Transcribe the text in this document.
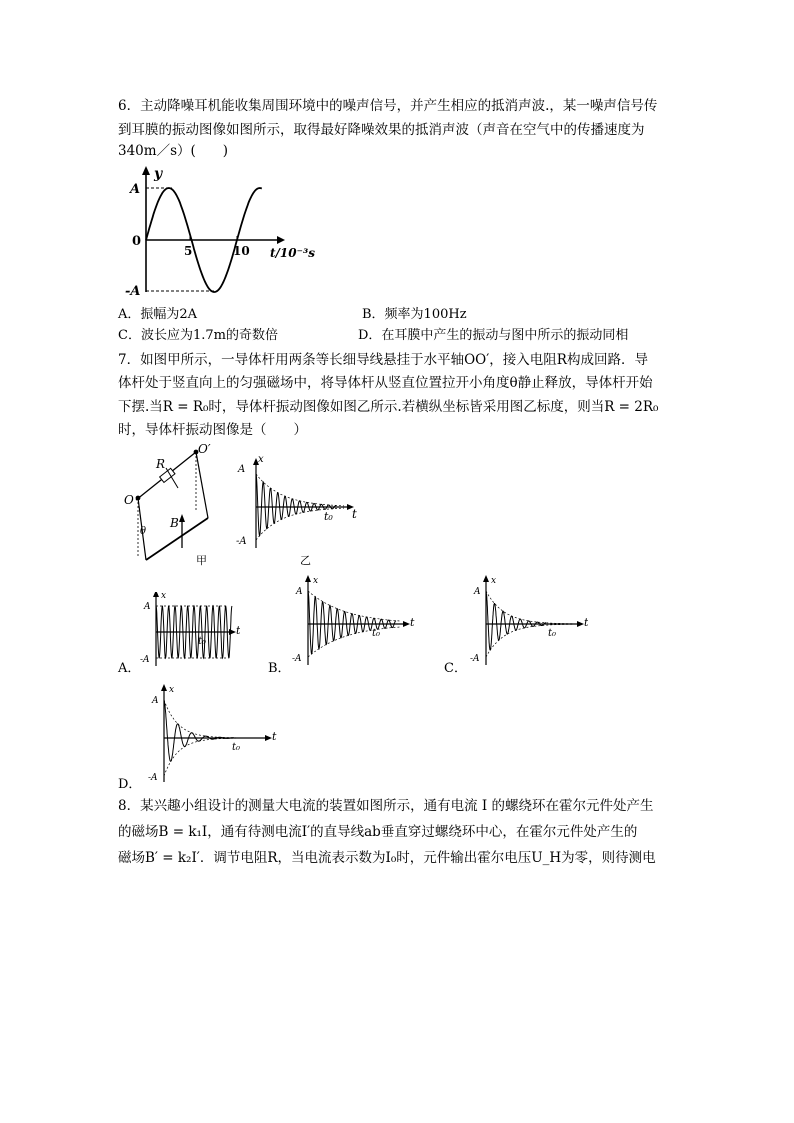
6．主动降噪耳机能收集周围环境中的噪声信号，并产生相应的抵消声波.，某一噪声信号传
到耳膜的振动图像如图所示，取得最好降噪效果的抵消声波（声音在空气中的传播速度为
340m／s）(　　)
y
A
0
-A
5	10 t/10⁻³s
A．振幅为2A	B．频率为100Hz
C．波长应为1.7m的奇数倍	D．在耳膜中产生的振动与图中所示的振动同相
7．如图甲所示，一导体杆用两条等长细导线悬挂于水平轴OO′，接入电阻R构成回路．导
体杆处于竖直向上的匀强磁场中，将导体杆从竖直位置拉开小角度θ静止释放，导体杆开始
下摆.当R = R₀时，导体杆振动图像如图乙所示.若横纵坐标皆采用图乙标度，则当R = 2R₀
时，导体杆振动图像是（　　）
O
O′
R
B
θ
甲
x
A
-A
t₀ t
乙
x
A
-A
t₀
t
A．
x
A
-A
t₀
t
B．
x
A
-A
t₀
t
C．
x
A
-A
t₀
t
D．
8．某兴趣小组设计的测量大电流的装置如图所示，通有电流 I 的螺绕环在霍尔元件处产生
的磁场B = k₁I，通有待测电流I′的直导线ab垂直穿过螺绕环中心，在霍尔元件处产生的
磁场B′ = k₂I′．调节电阻R，当电流表示数为I₀时，元件输出霍尔电压U_H为零，则待测电
